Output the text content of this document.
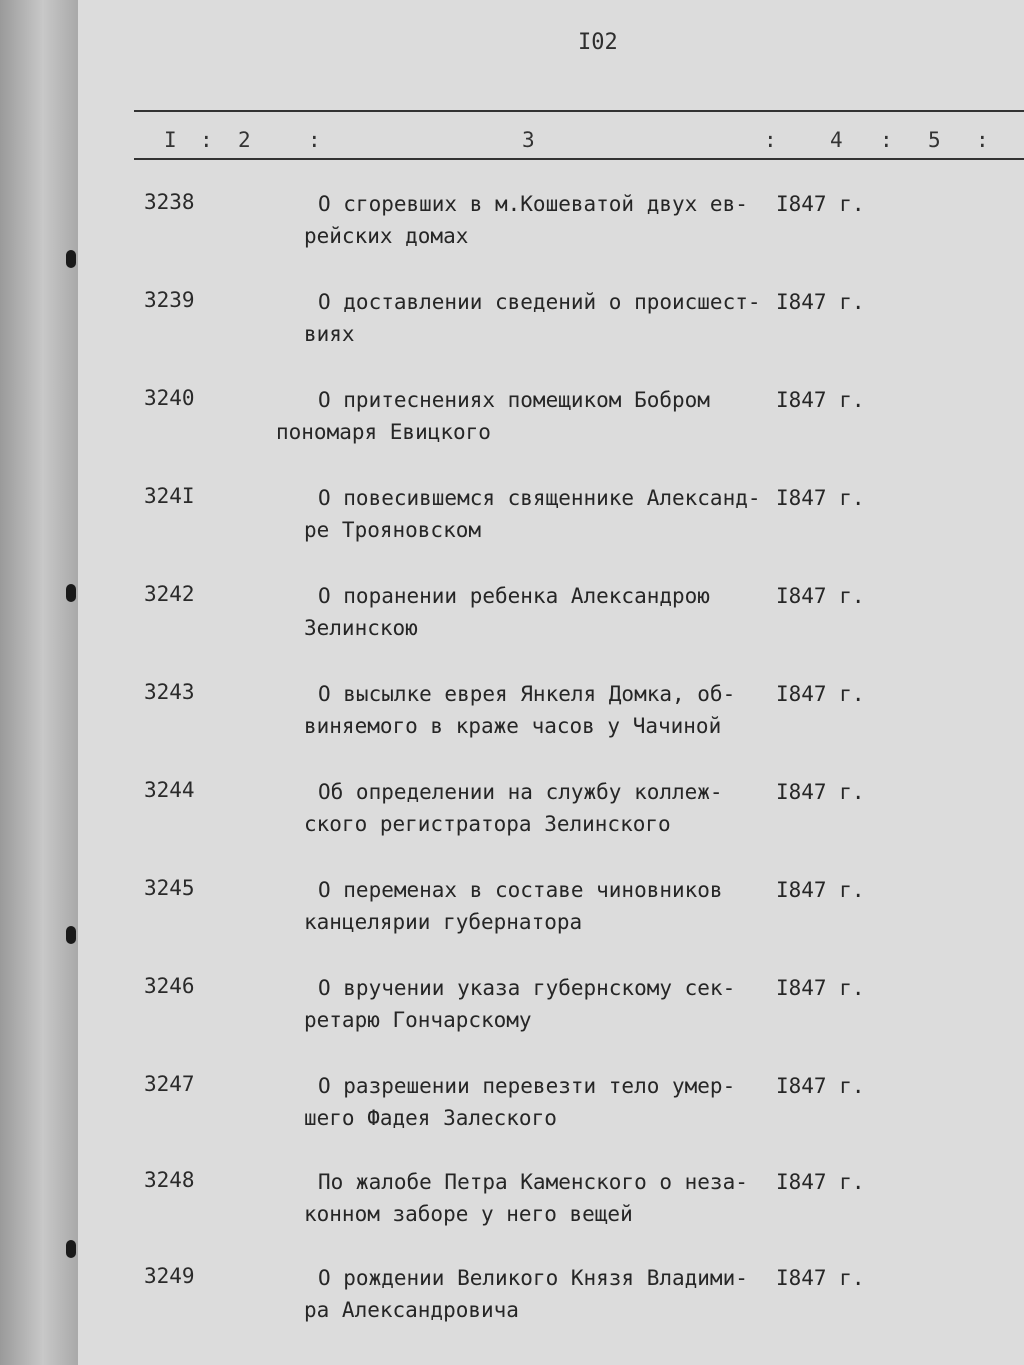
I02
I : 2	:	3	:	4 : 5 :
3238	О сгоревших в м.Кошеватой двух ев- I847 г.
рейских домах
3239	О доставлении сведений о происшест- I847 г.
виях
3240	О притеснениях помещиком Бобром	I847 г.
пономаря Евицкого
324I	О повесившемся священнике Александ- I847 г.
ре Трояновском
3242	О поранении ребенка Александрою	I847 г.
Зелинскою
3243	О высылке еврея Янкеля Домка, об- I847 г.
виняемого в краже часов у Чачиной
3244	Об определении на службу коллеж-	I847 г.
ского регистратора Зелинского
3245	О переменах в составе чиновников	I847 г.
канцелярии губернатора
3246	О вручении указа губернскому сек- I847 г.
ретарю Гончарскому
3247	О разрешении перевезти тело умер- I847 г.
шего Фадея Залеского
3248	По жалобе Петра Каменского о неза- I847 г.
конном заборе у него вещей
3249	О рождении Великого Князя Владими- I847 г.
ра Александровича
